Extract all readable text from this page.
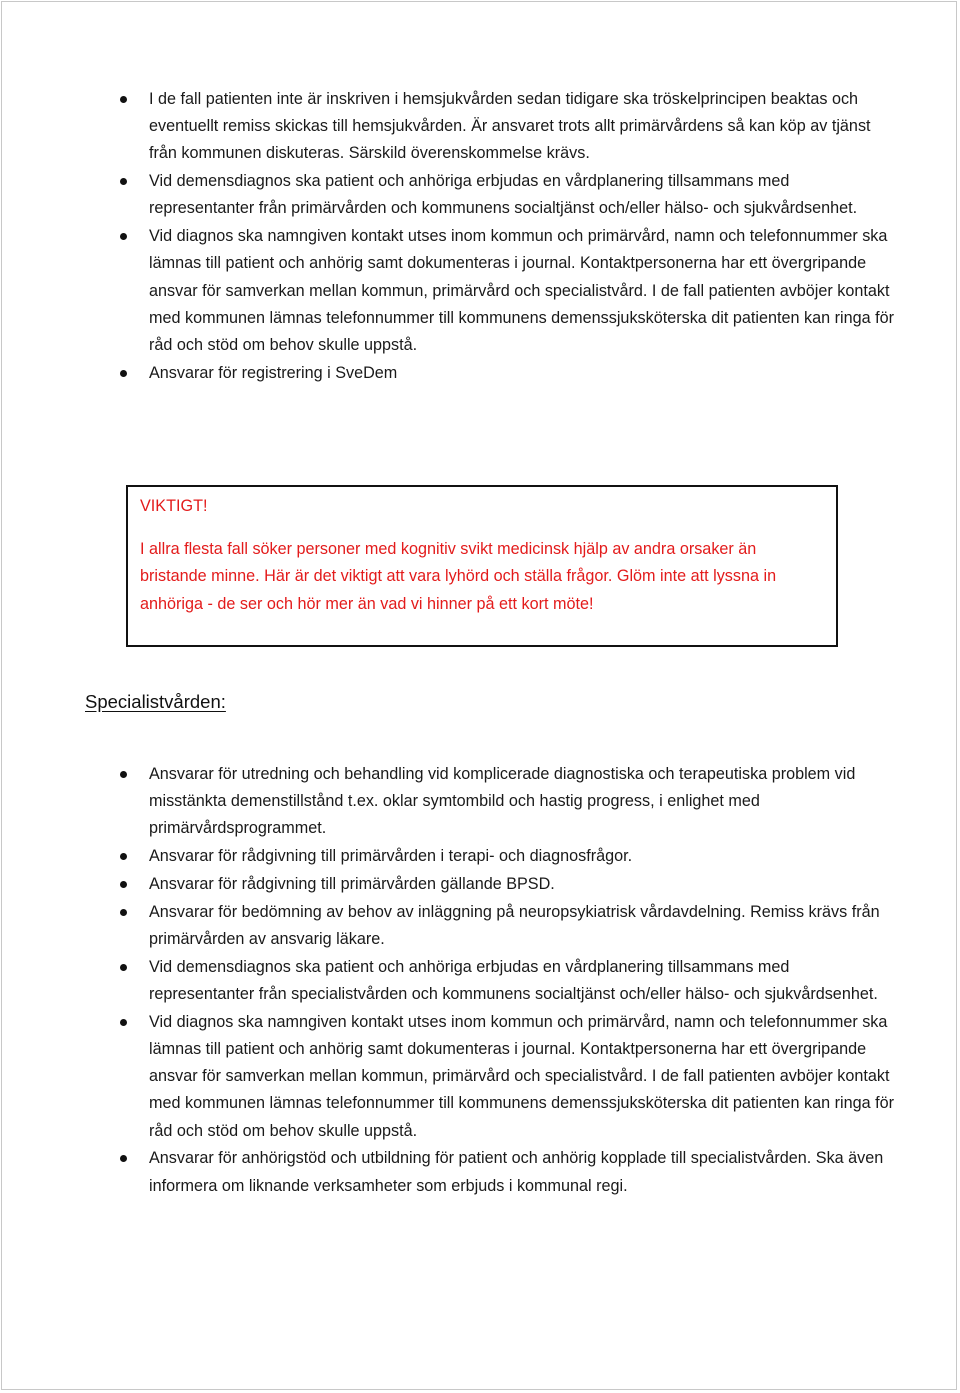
I de fall patienten inte är inskriven i hemsjukvården sedan tidigare ska tröskelprincipen beaktas och eventuellt remiss skickas till hemsjukvården. Är ansvaret trots allt primärvårdens så kan köp av tjänst från kommunen diskuteras. Särskild överenskommelse krävs.
Vid demensdiagnos ska patient och anhöriga erbjudas en vårdplanering tillsammans med representanter från primärvården och kommunens socialtjänst och/eller hälso- och sjukvårdsenhet.
Vid diagnos ska namngiven kontakt utses inom kommun och primärvård, namn och telefonnummer ska lämnas till patient och anhörig samt dokumenteras i journal. Kontaktpersonerna har ett övergripande ansvar för samverkan mellan kommun, primärvård och specialistvård. I de fall patienten avböjer kontakt med kommunen lämnas telefonnummer till kommunens demenssjuksköterska dit patienten kan ringa för råd och stöd om behov skulle uppstå.
Ansvarar för registrering i SveDem

VIKTIGT!

I allra flesta fall söker personer med kognitiv svikt medicinsk hjälp av andra orsaker än bristande minne. Här är det viktigt att vara lyhörd och ställa frågor. Glöm inte att lyssna in anhöriga - de ser och hör mer än vad vi hinner på ett kort möte!

Specialistvården:
Ansvarar för utredning och behandling vid komplicerade diagnostiska och terapeutiska problem vid misstänkta demenstillstånd t.ex. oklar symtombild och hastig progress, i enlighet med primärvårdsprogrammet.
Ansvarar för rådgivning till primärvården i terapi- och diagnosfrågor.
Ansvarar för rådgivning till primärvården gällande BPSD.
Ansvarar för bedömning av behov av inläggning på neuropsykiatrisk vårdavdelning. Remiss krävs från primärvården av ansvarig läkare.
Vid demensdiagnos ska patient och anhöriga erbjudas en vårdplanering tillsammans med representanter från specialistvården och kommunens socialtjänst och/eller hälso- och sjukvårdsenhet.
Vid diagnos ska namngiven kontakt utses inom kommun och primärvård, namn och telefonnummer ska lämnas till patient och anhörig samt dokumenteras i journal. Kontaktpersonerna har ett övergripande ansvar för samverkan mellan kommun, primärvård och specialistvård. I de fall patienten avböjer kontakt med kommunen lämnas telefonnummer till kommunens demenssjuksköterska dit patienten kan ringa för råd och stöd om behov skulle uppstå.
Ansvarar för anhörigstöd och utbildning för patient och anhörig kopplade till specialistvården. Ska även informera om liknande verksamheter som erbjuds i kommunal regi.
